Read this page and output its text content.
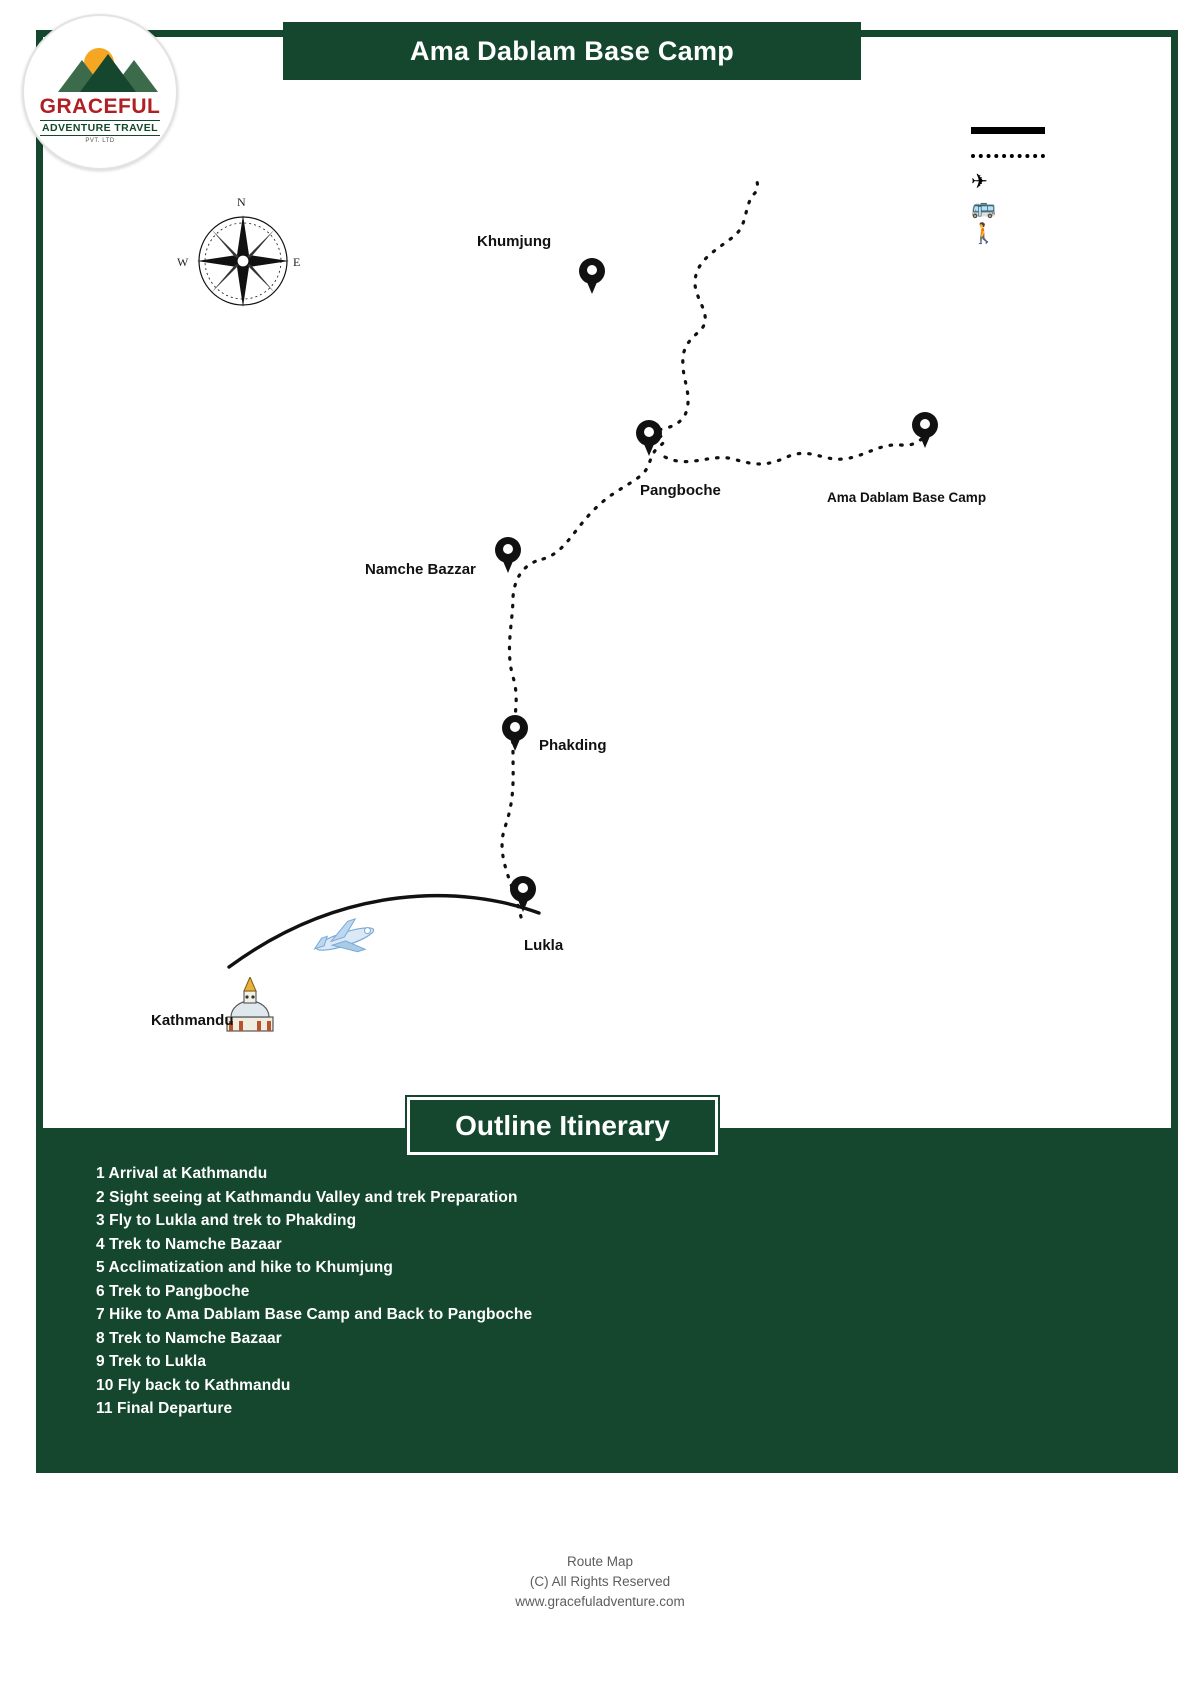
Ama Dablam Base Camp
GRACEFUL
ADVENTURE TRAVEL
PVT. LTD
N
E
W
✈
🚌
🚶
Khumjung
Pangboche	Ama Dablam Base Camp
Namche Bazzar
Phakding
Lukla
Kathmandu
1 Arrival at Kathmandu
2 Sight seeing at Kathmandu Valley and trek Preparation
3 Fly to Lukla and trek to Phakding
4 Trek to Namche Bazaar
5 Acclimatization and hike to Khumjung
6 Trek to Pangboche
7 Hike to Ama Dablam Base Camp and Back to Pangboche
8 Trek to Namche Bazaar
9 Trek to Lukla
10 Fly back to Kathmandu
11 Final Departure
Outline Itinerary
Route Map
(C) All Rights Reserved
www.gracefuladventure.com
